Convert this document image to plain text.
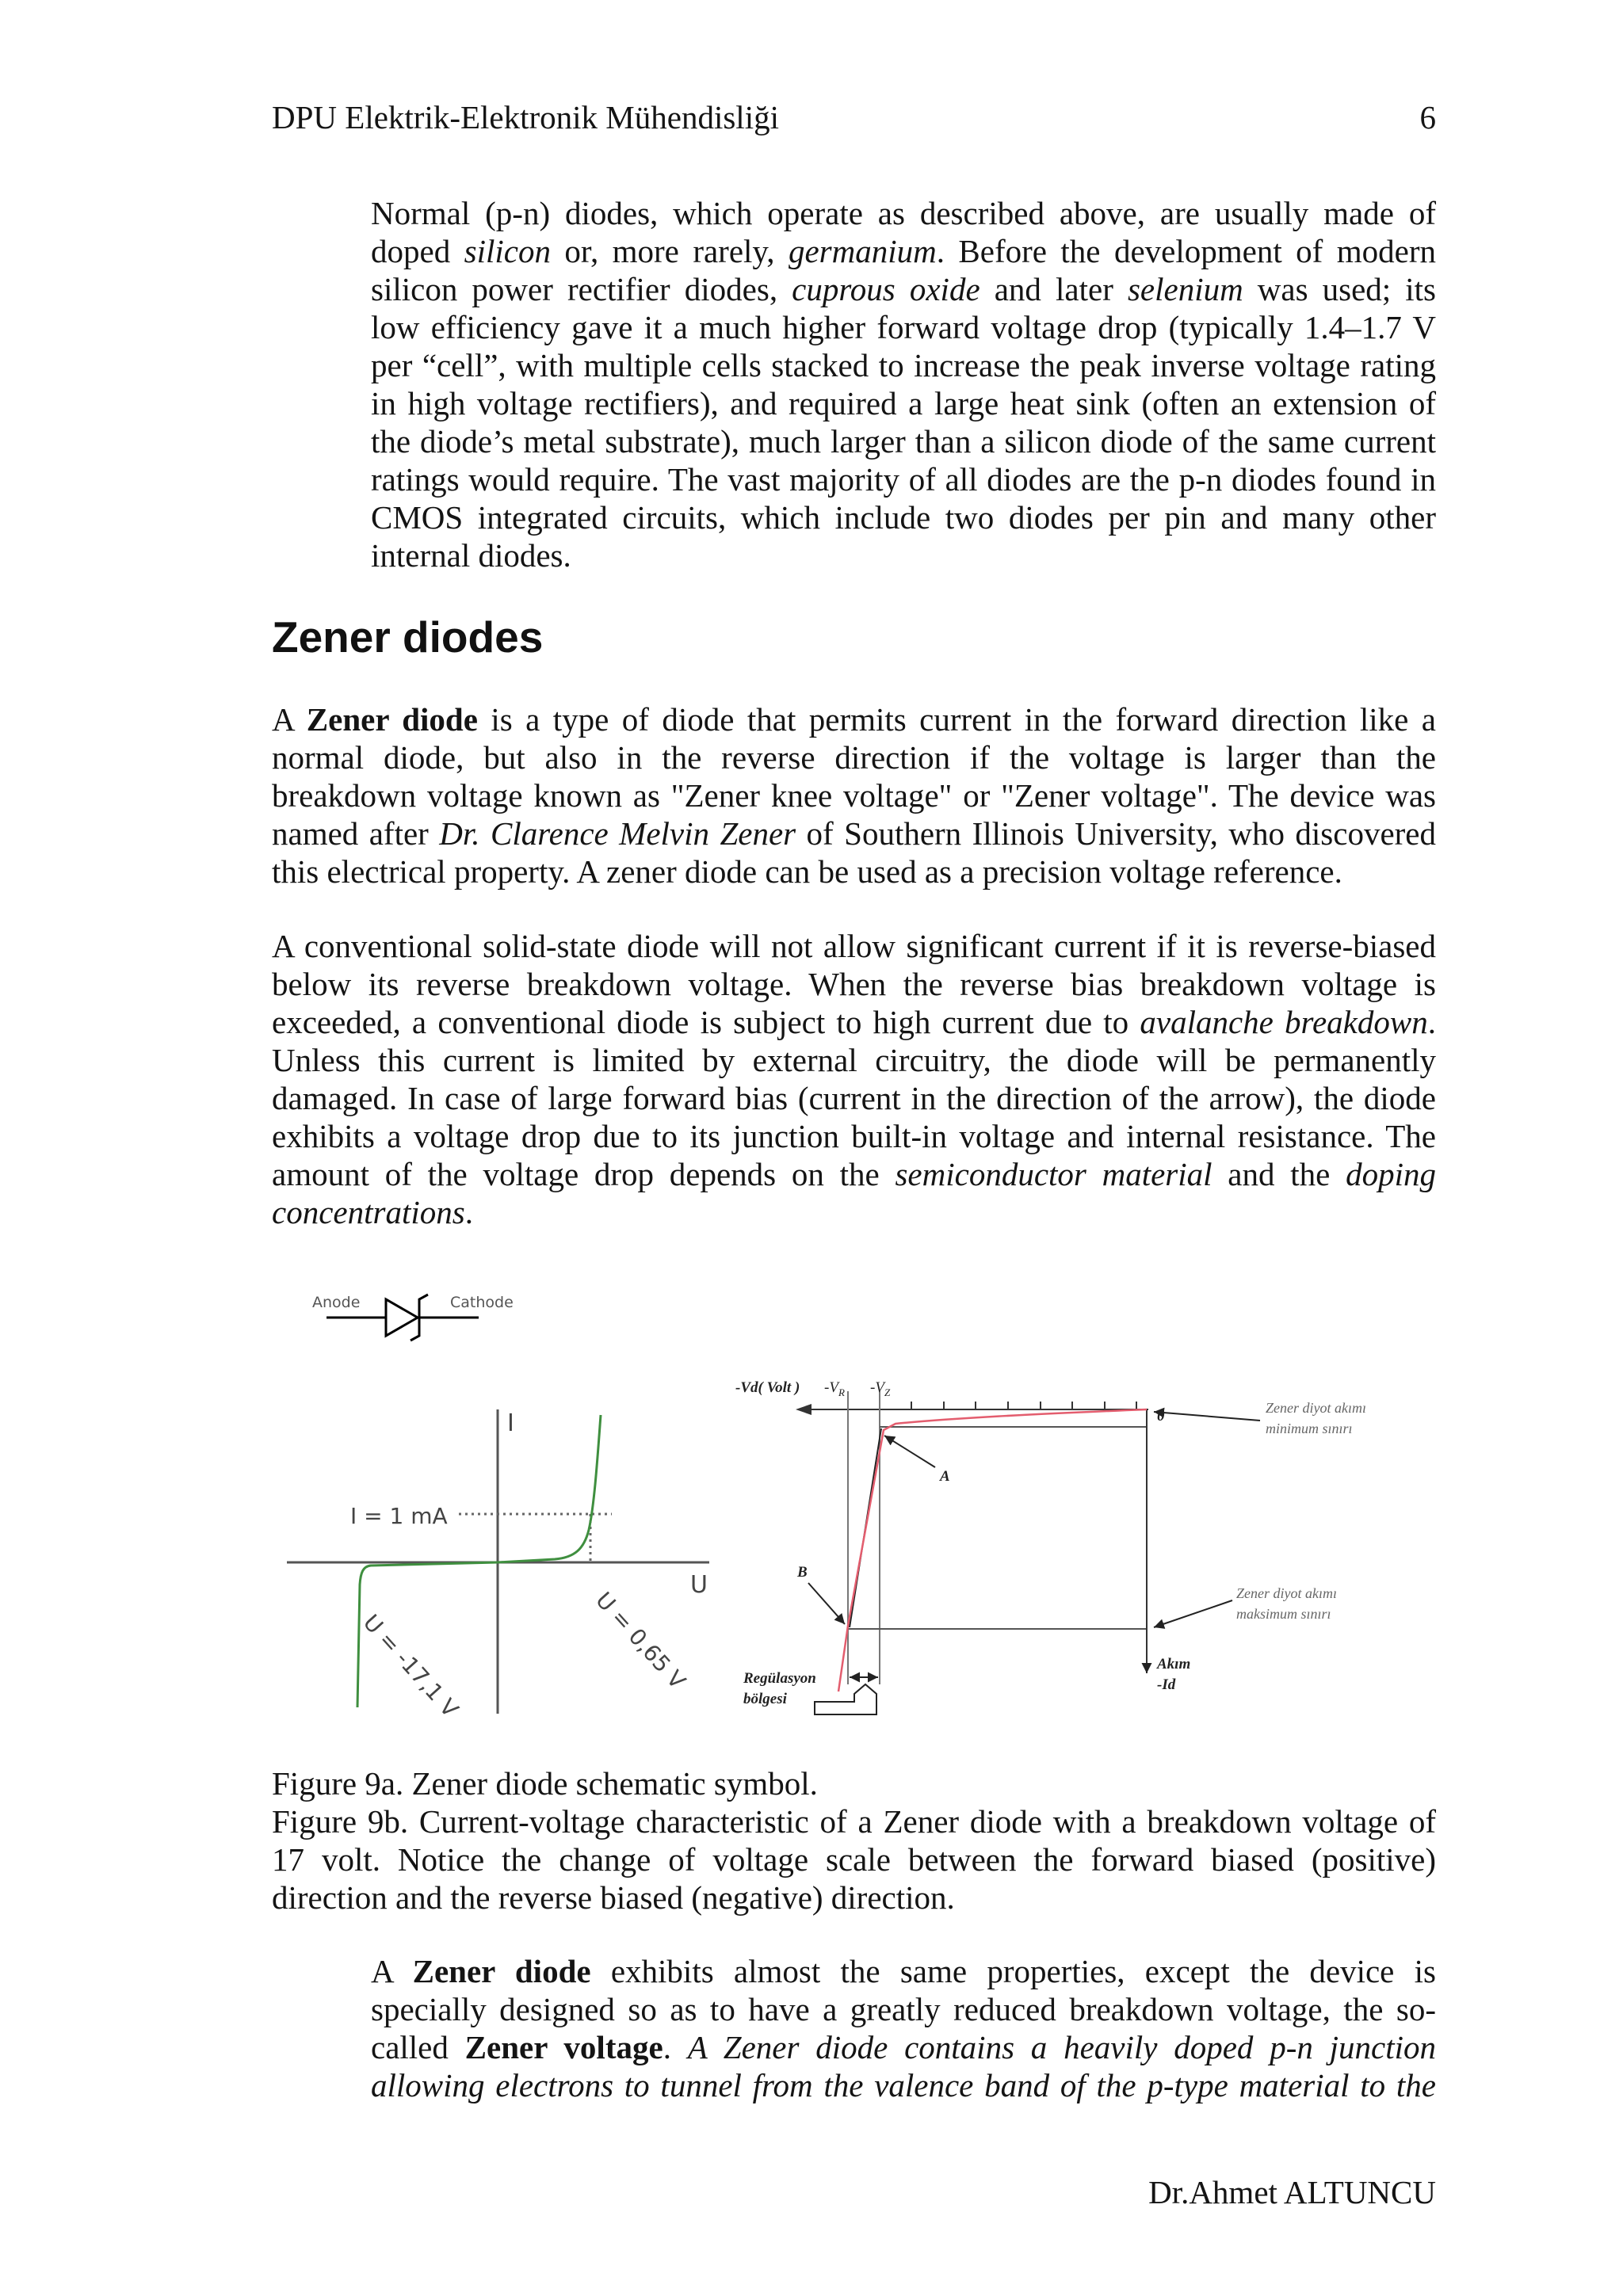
DPU Elektrik-Elektronik Mühendisliği	6
Normal (p-n) diodes, which operate as described above, are usually made of
doped silicon or, more rarely, germanium. Before the development of modern
silicon power rectifier diodes, cuprous oxide and later selenium was used; its
low efficiency gave it a much higher forward voltage drop (typically 1.4–1.7 V
per “cell”, with multiple cells stacked to increase the peak inverse voltage rating
in high voltage rectifiers), and required a large heat sink (often an extension of
the diode’s metal substrate), much larger than a silicon diode of the same current
ratings would require. The vast majority of all diodes are the p-n diodes found in
CMOS integrated circuits, which include two diodes per pin and many other
internal diodes.
Zener diodes
A Zener diode is a type of diode that permits current in the forward direction like a
normal diode, but also in the reverse direction if the voltage is larger than the
breakdown voltage known as "Zener knee voltage" or "Zener voltage". The device was
named after Dr. Clarence Melvin Zener of Southern Illinois University, who discovered
this electrical property. A zener diode can be used as a precision voltage reference.
A conventional solid-state diode will not allow significant current if it is reverse-biased
below its reverse breakdown voltage. When the reverse bias breakdown voltage is
exceeded, a conventional diode is subject to high current due to avalanche breakdown.
Unless this current is limited by external circuitry, the diode will be permanently
damaged. In case of large forward bias (current in the direction of the arrow), the diode
exhibits a voltage drop due to its junction built-in voltage and internal resistance. The
amount of the voltage drop depends on the semiconductor material and the doping
concentrations.
Anode	Cathode
I
U
I = 1 mA
U = 0,65 V
U = -17,1 V
-Vd( Volt ) $-V_R$ $-V_Z$
0	Zener diyot akımı
minimum sınırı
A
B
Zener diyot akımı
maksimum sınırı
Regülasyon
bölgesi
Akım
-Id
Figure 9a. Zener diode schematic symbol.
Figure 9b. Current-voltage characteristic of a Zener diode with a breakdown voltage of
17 volt. Notice the change of voltage scale between the forward biased (positive)
direction and the reverse biased (negative) direction.
A Zener diode exhibits almost the same properties, except the device is
specially designed so as to have a greatly reduced breakdown voltage, the so-
called Zener voltage. A Zener diode contains a heavily doped p-n junction
allowing electrons to tunnel from the valence band of the p-type material to the
Dr.Ahmet ALTUNCU
